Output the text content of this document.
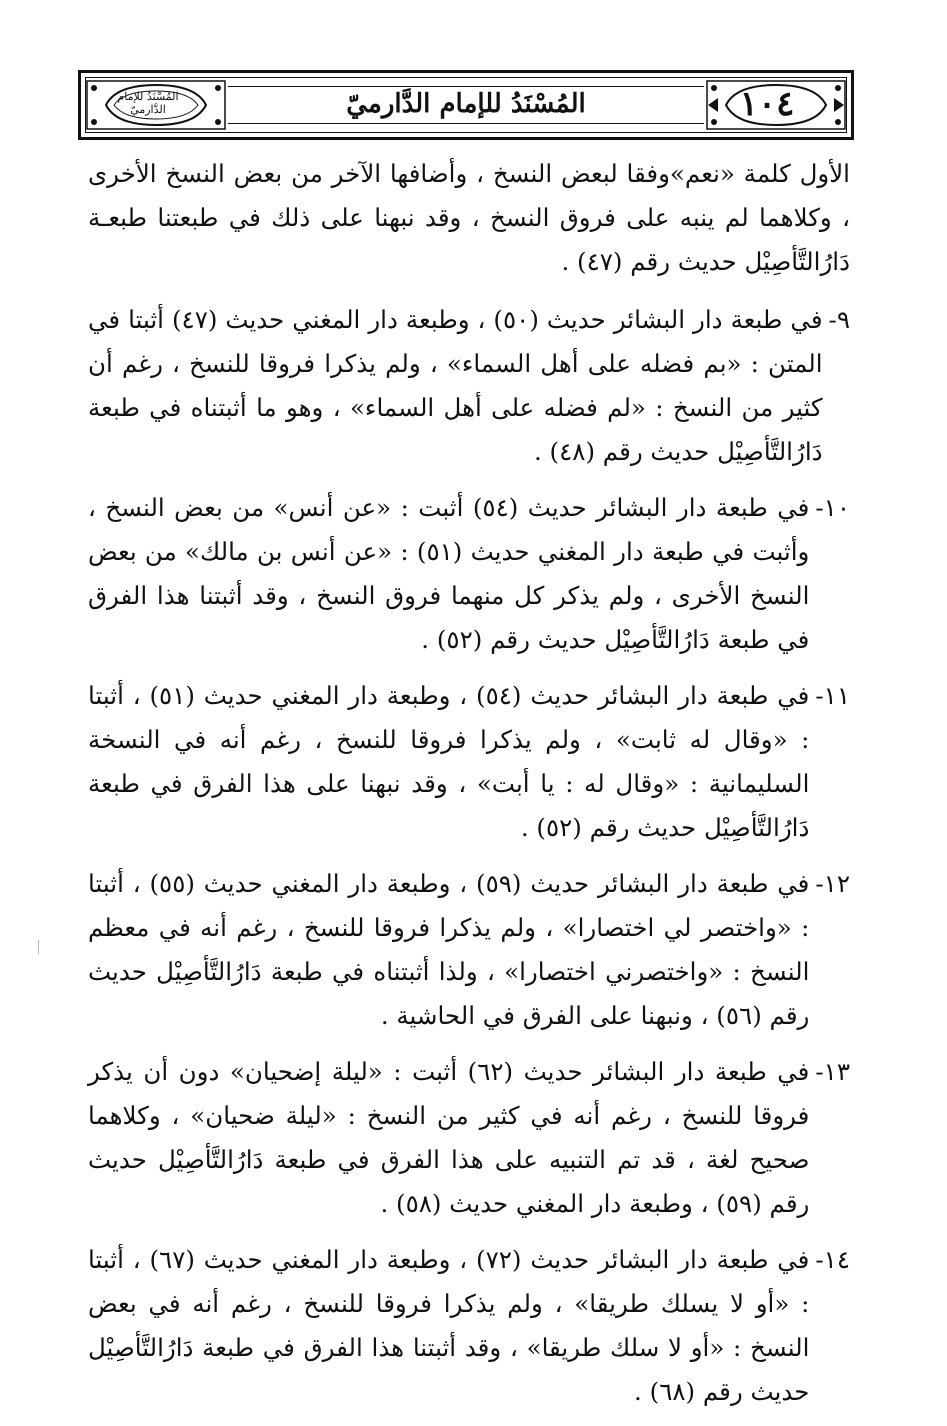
المُسْنَدُ للإمام الدَّارميّ	١٠٤
المُسْنَدُ للإمام الدَّارميّ

الأول كلمة «نعم»وفقا لبعض النسخ ، وأضافها الآخر من بعض النسخ الأخرى ، وكلاهما لم ينبه على فروق النسخ ، وقد نبهنا على ذلك في طبعتنا طبعـة دَارُالتَّأصِيْل حديث رقم (٤٧) .

٩-
في طبعة دار البشائر حديث (٥٠) ، وطبعة دار المغني حديث (٤٧) أثبتا في المتن : «بم فضله على أهل السماء» ، ولم يذكرا فروقا للنسخ ، رغم أن كثير من النسخ : «لم فضله على أهل السماء» ، وهو ما أثبتناه في طبعة دَارُالتَّأصِيْل حديث رقم (٤٨) .
١٠-
في طبعة دار البشائر حديث (٥٤) أثبت : «عن أنس» من بعض النسخ ، وأثبت في طبعة دار المغني حديث (٥١) : «عن أنس بن مالك» من بعض النسخ الأخرى ، ولم يذكر كل منهما فروق النسخ ، وقد أثبتنا هذا الفرق في طبعة دَارُالتَّأصِيْل حديث رقم (٥٢) .
١١-
في طبعة دار البشائر حديث (٥٤) ، وطبعة دار المغني حديث (٥١) ، أثبتا : «وقال له ثابت» ، ولم يذكرا فروقا للنسخ ، رغم أنه في النسخة السليمانية : «وقال له : يا أبت» ، وقد نبهنا على هذا الفرق في طبعة دَارُالتَّأصِيْل حديث رقم (٥٢) .
١٢-
في طبعة دار البشائر حديث (٥٩) ، وطبعة دار المغني حديث (٥٥) ، أثبتا : «واختصر لي اختصارا» ، ولم يذكرا فروقا للنسخ ، رغم أنه في معظم النسخ : «واختصرني اختصارا» ، ولذا أثبتناه في طبعة دَارُالتَّأصِيْل حديث رقم (٥٦) ، ونبهنا على الفرق في الحاشية .
١٣-
في طبعة دار البشائر حديث (٦٢) أثبت : «ليلة إضحيان» دون أن يذكر فروقا للنسخ ، رغم أنه في كثير من النسخ : «ليلة ضحيان» ، وكلاهما صحيح لغة ، قد تم التنبيه على هذا الفرق في طبعة دَارُالتَّأصِيْل حديث رقم (٥٩) ، وطبعة دار المغني حديث (٥٨) .
١٤-
في طبعة دار البشائر حديث (٧٢) ، وطبعة دار المغني حديث (٦٧) ، أثبتا : «أو لا يسلك طريقا» ، ولم يذكرا فروقا للنسخ ، رغم أنه في بعض النسخ : «أو لا سلك طريقا» ، وقد أثبتنا هذا الفرق في طبعة دَارُالتَّأصِيْل حديث رقم (٦٨) .
